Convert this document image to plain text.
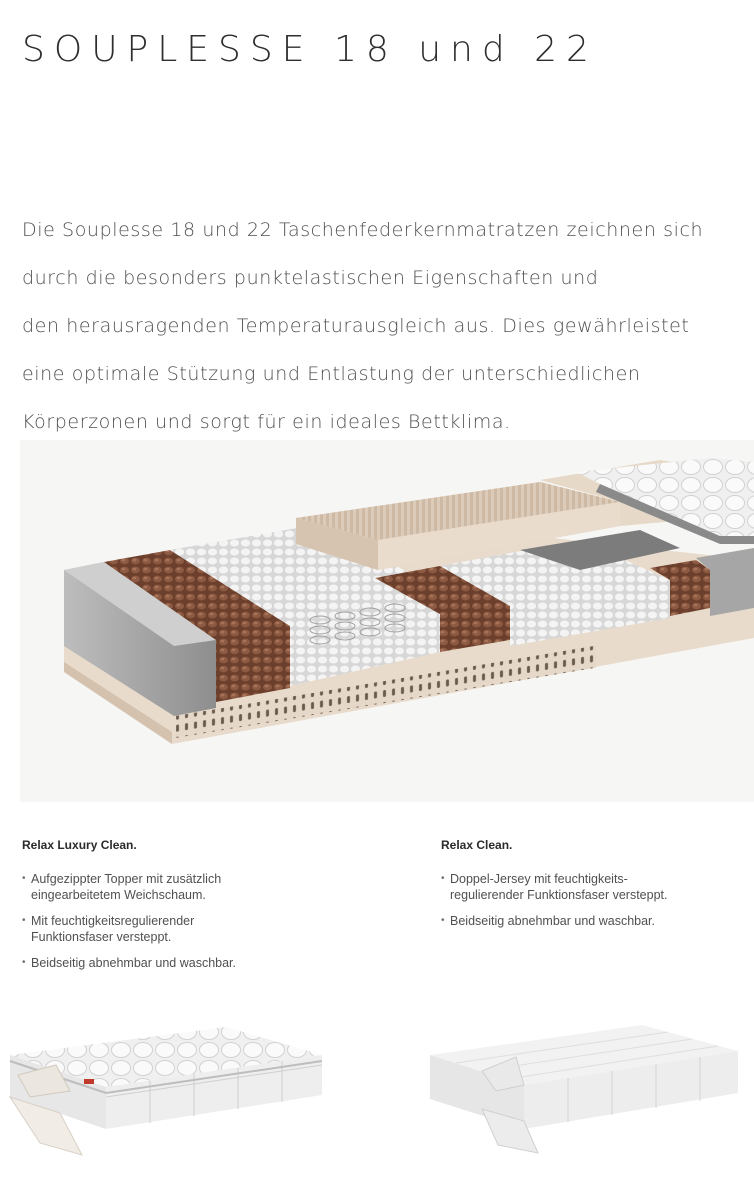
SOUPLESSE 18 und 22
Die Souplesse 18 und 22 Taschenfederkernmatratzen zeichnen sich
durch die besonders punktelastischen Eigenschaften und
den herausragenden Temperaturausgleich aus. Dies gewährleistet
eine optimale Stützung und Entlastung der unterschiedlichen
Körperzonen und sorgt für ein ideales Bettklima.
Relax Luxury Clean.
• Aufgezippter Topper mit zusätzlich
eingearbeitetem Weichschaum.
• Mit feuchtigkeitsregulierender
Funktionsfaser versteppt.
• Beidseitig abnehmbar und waschbar.
Relax Clean.
• Doppel-Jersey mit feuchtigkeits-
regulierender Funktionsfaser versteppt.
• Beidseitig abnehmbar und waschbar.
